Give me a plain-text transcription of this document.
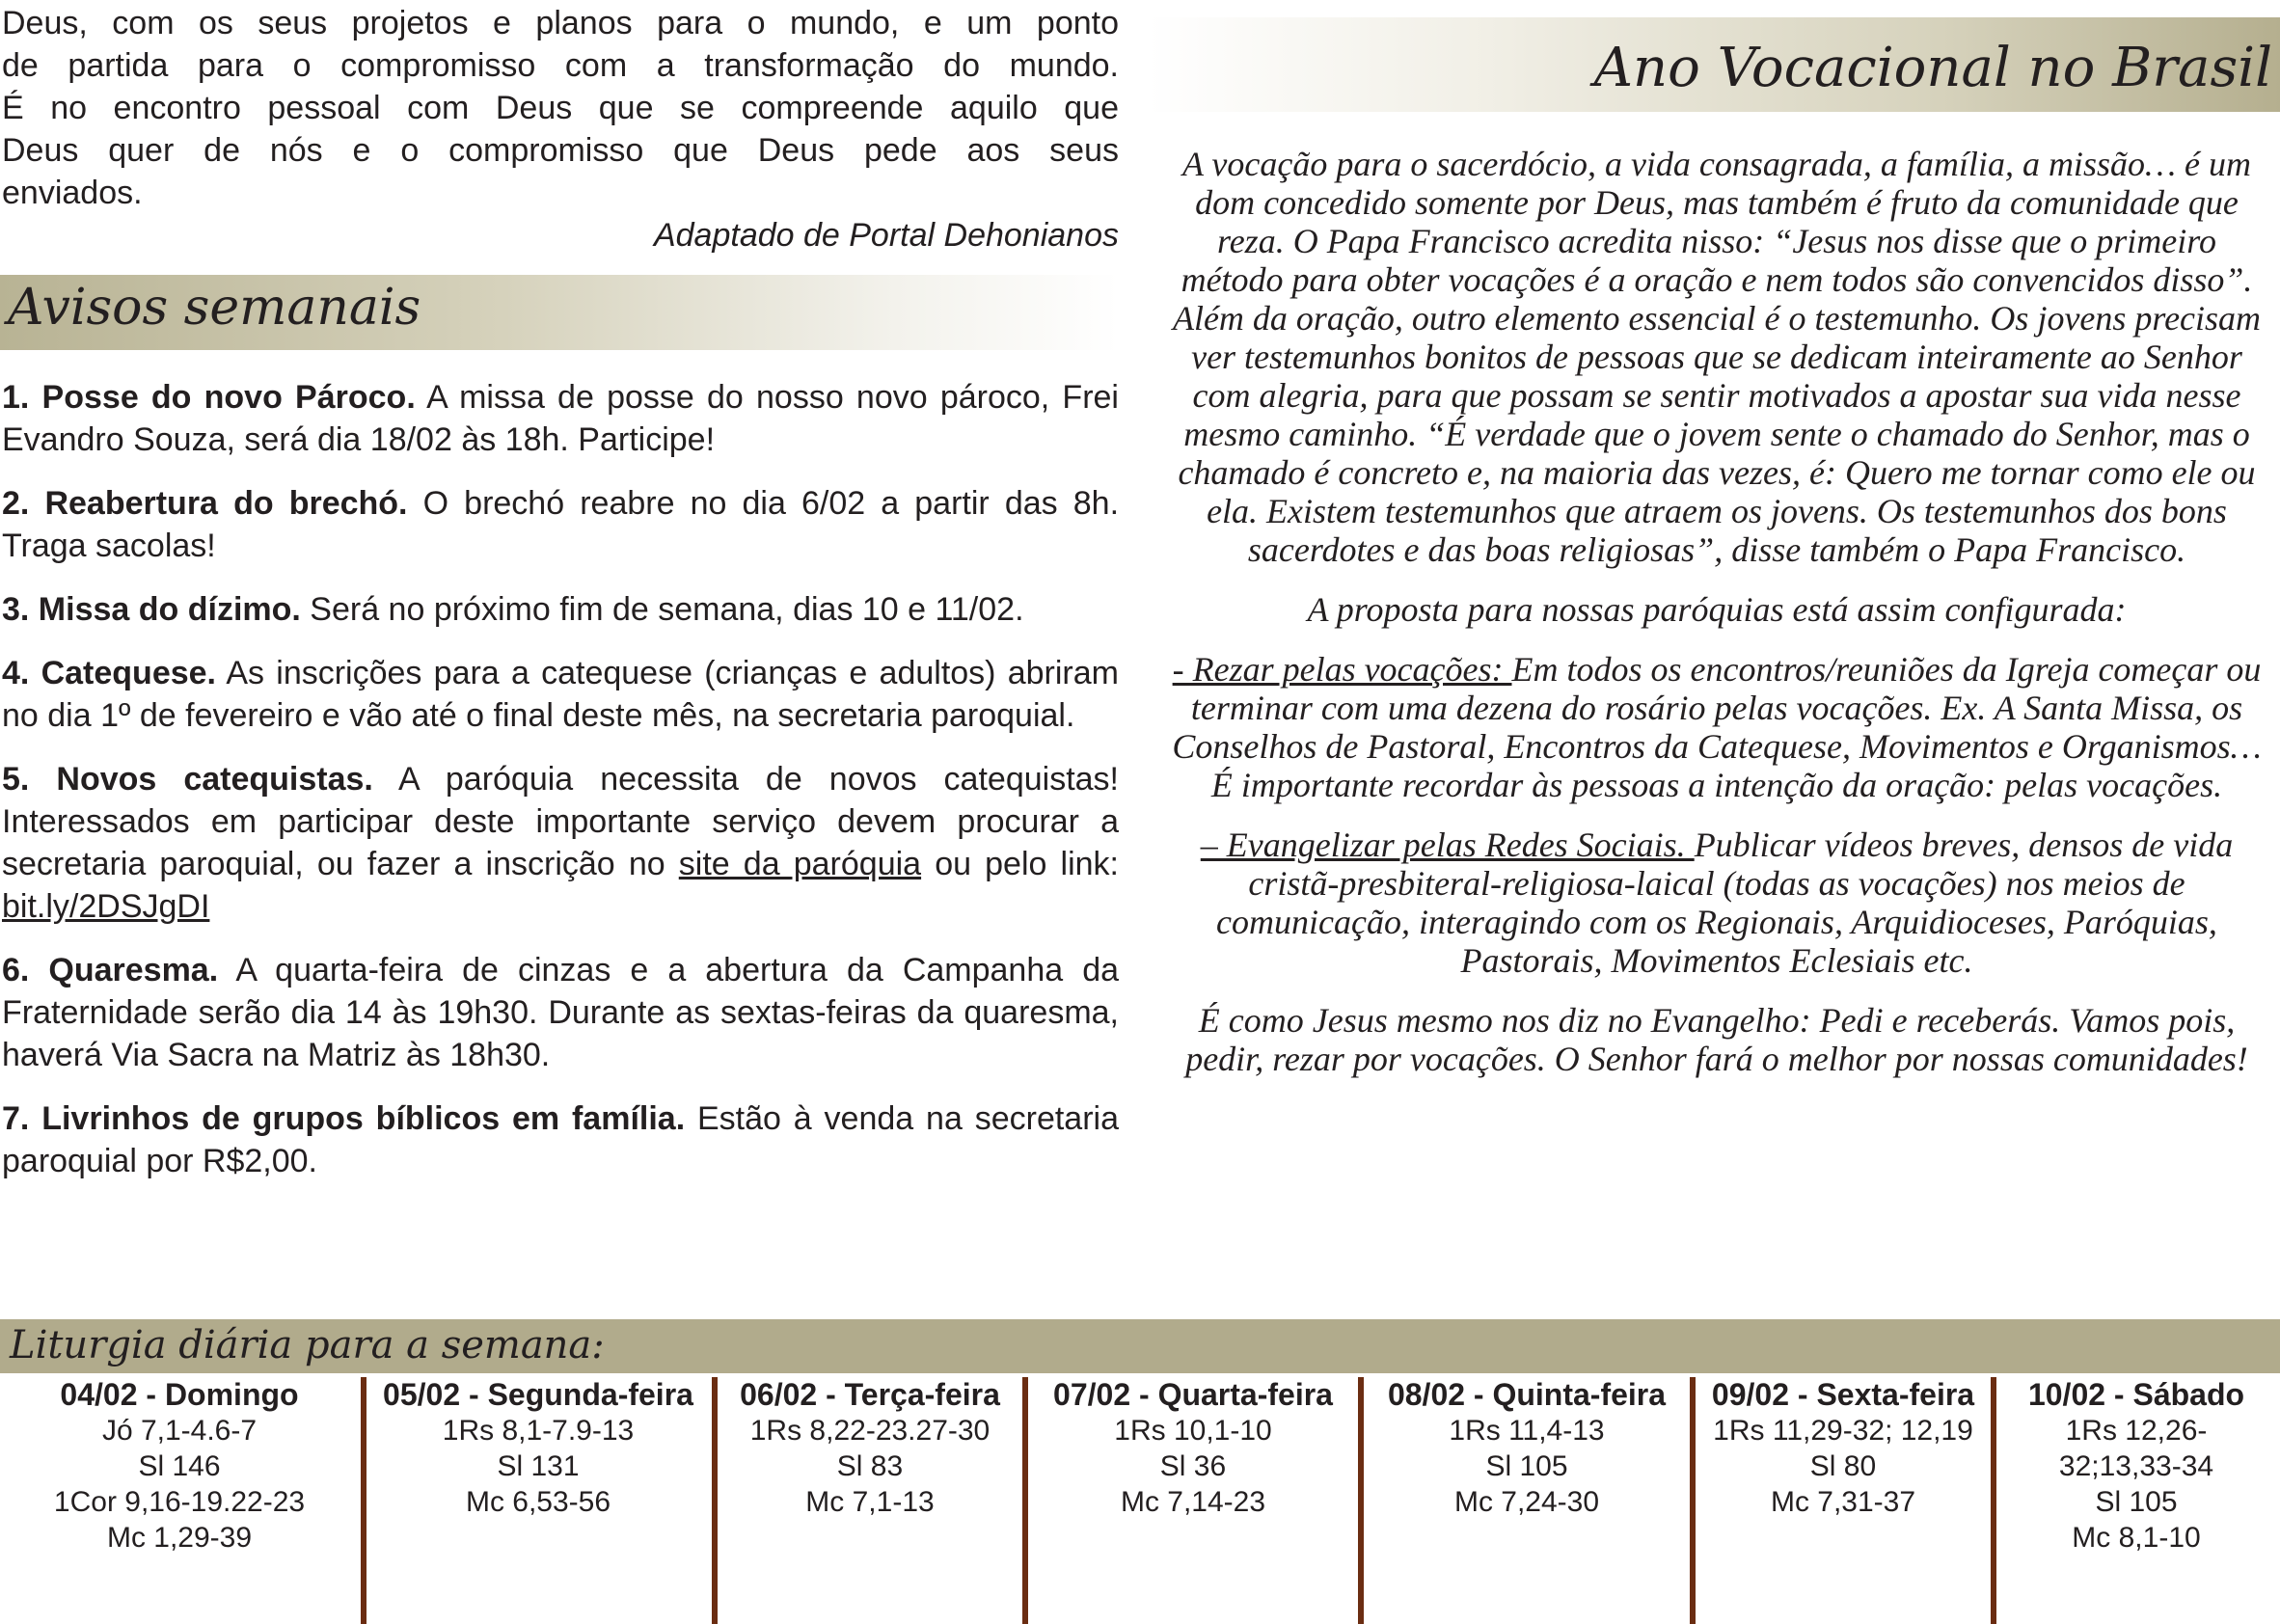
Deus, com os seus projetos e planos para o mundo, e um ponto

de partida para o compromisso com a transformação do mundo.

É no encontro pessoal com Deus que se compreende aquilo que

Deus quer de nós e o compromisso que Deus pede aos seus

enviados.

Adaptado de Portal Dehonianos

Avisos semanais

1. Posse do novo Pároco. A missa de posse do nosso novo pároco, Frei Evandro Souza, será dia 18/02 às 18h. Participe!

2. Reabertura do brechó. O brechó reabre no dia 6/02 a partir das 8h. Traga sacolas!

3. Missa do dízimo. Será no próximo fim de semana, dias 10 e 11/02.

4. Catequese. As inscrições para a catequese (crianças e adultos) abriram no dia 1º de fevereiro e vão até o final deste mês, na secretaria paroquial.

5. Novos catequistas. A paróquia necessita de novos catequistas! Interessados em participar deste importante serviço devem procurar a secretaria paroquial, ou fazer a inscrição no site da paróquia ou pelo link: bit.ly/2DSJgDI

6. Quaresma. A quarta-feira de cinzas e a abertura da Campanha da Fraternidade serão dia 14 às 19h30. Durante as sextas-feiras da quaresma, haverá Via Sacra na Matriz às 18h30.

7. Livrinhos de grupos bíblicos em família. Estão à venda na secretaria paroquial por R$2,00.

Ano Vocacional no Brasil

A vocação para o sacerdócio, a vida consagrada, a família, a missão… é um dom concedido somente por Deus, mas também é fruto da comunidade que reza. O Papa Francisco acredita nisso: “Jesus nos disse que o primeiro método para obter vocações é a oração e nem todos são convencidos disso”. Além da oração, outro elemento essencial é o testemunho. Os jovens precisam ver testemunhos bonitos de pessoas que se dedicam inteiramente ao Senhor com alegria, para que possam se sentir motivados a apostar sua vida nesse mesmo caminho. “É verdade que o jovem sente o chamado do Senhor, mas o chamado é concreto e, na maioria das vezes, é: Quero me tornar como ele ou ela. Existem testemunhos que atraem os jovens. Os testemunhos dos bons sacerdotes e das boas religiosas”, disse também o Papa Francisco.

A proposta para nossas paróquias está assim configurada:

- Rezar pelas vocações: Em todos os encontros/reuniões da Igreja começar ou terminar com uma dezena do rosário pelas vocações. Ex. A Santa Missa, os Conselhos de Pastoral, Encontros da Catequese, Movimentos e Organismos… É importante recordar às pessoas a intenção da oração: pelas vocações.

– Evangelizar pelas Redes Sociais. Publicar vídeos breves, densos de vida cristã-presbiteral-religiosa-laical (todas as vocações) nos meios de comunicação, interagindo com os Regionais, Arquidioceses, Paróquias, Pastorais, Movimentos Eclesiais etc.

É como Jesus mesmo nos diz no Evangelho: Pedi e receberás. Vamos pois, pedir, rezar por vocações. O Senhor fará o melhor por nossas comunidades!

Liturgia diária para a semana:
04/02 - Domingo
Jó 7,1-4.6-7
Sl 146
1Cor 9,16-19.22-23
Mc 1,29-39
05/02 - Segunda-feira
1Rs 8,1-7.9-13
Sl 131
Mc 6,53-56
06/02 - Terça-feira
1Rs 8,22-23.27-30
Sl 83
Mc 7,1-13
07/02 - Quarta-feira
1Rs 10,1-10
Sl 36
Mc 7,14-23
08/02 - Quinta-feira
1Rs 11,4-13
Sl 105
Mc 7,24-30
09/02 - Sexta-feira
1Rs 11,29-32; 12,19
Sl 80
Mc 7,31-37
10/02 - Sábado
1Rs 12,26-
32;13,33-34
Sl 105
Mc 8,1-10
